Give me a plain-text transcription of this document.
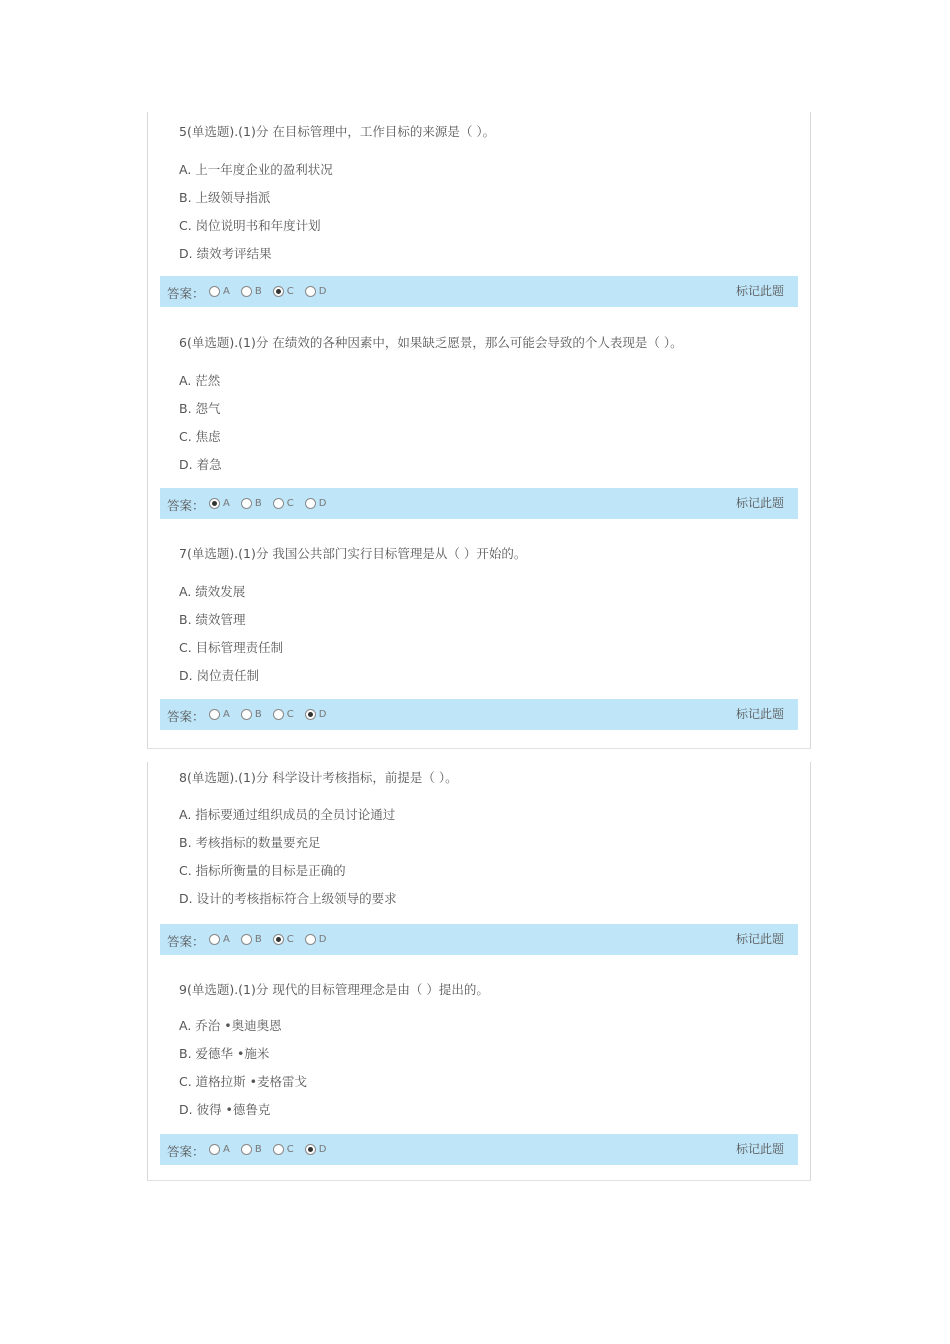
5(单选题).(1)分 在目标管理中，工作目标的来源是（ ）。
A. 上一年度企业的盈利状况
B. 上级领导指派
C. 岗位说明书和年度计划
D. 绩效考评结果
答案： A	B	C	D	标记此题
6(单选题).(1)分 在绩效的各种因素中，如果缺乏愿景，那么可能会导致的个人表现是（ ）。
A. 茫然
B. 怨气
C. 焦虑
D. 着急
答案： A	B	C	D	标记此题
7(单选题).(1)分 我国公共部门实行目标管理是从（ ）开始的。
A. 绩效发展
B. 绩效管理
C. 目标管理责任制
D. 岗位责任制
答案： A	B	C	D	标记此题
8(单选题).(1)分 科学设计考核指标，前提是（ ）。
A. 指标要通过组织成员的全员讨论通过
B. 考核指标的数量要充足
C. 指标所衡量的目标是正确的
D. 设计的考核指标符合上级领导的要求
答案： A	B	C	D	标记此题
9(单选题).(1)分 现代的目标管理理念是由（ ）提出的。
A. 乔治 •奥迪奥恩
B. 爱德华 •施米
C. 道格拉斯 •麦格雷戈
D. 彼得 •德鲁克
答案： A	B	C	D	标记此题
